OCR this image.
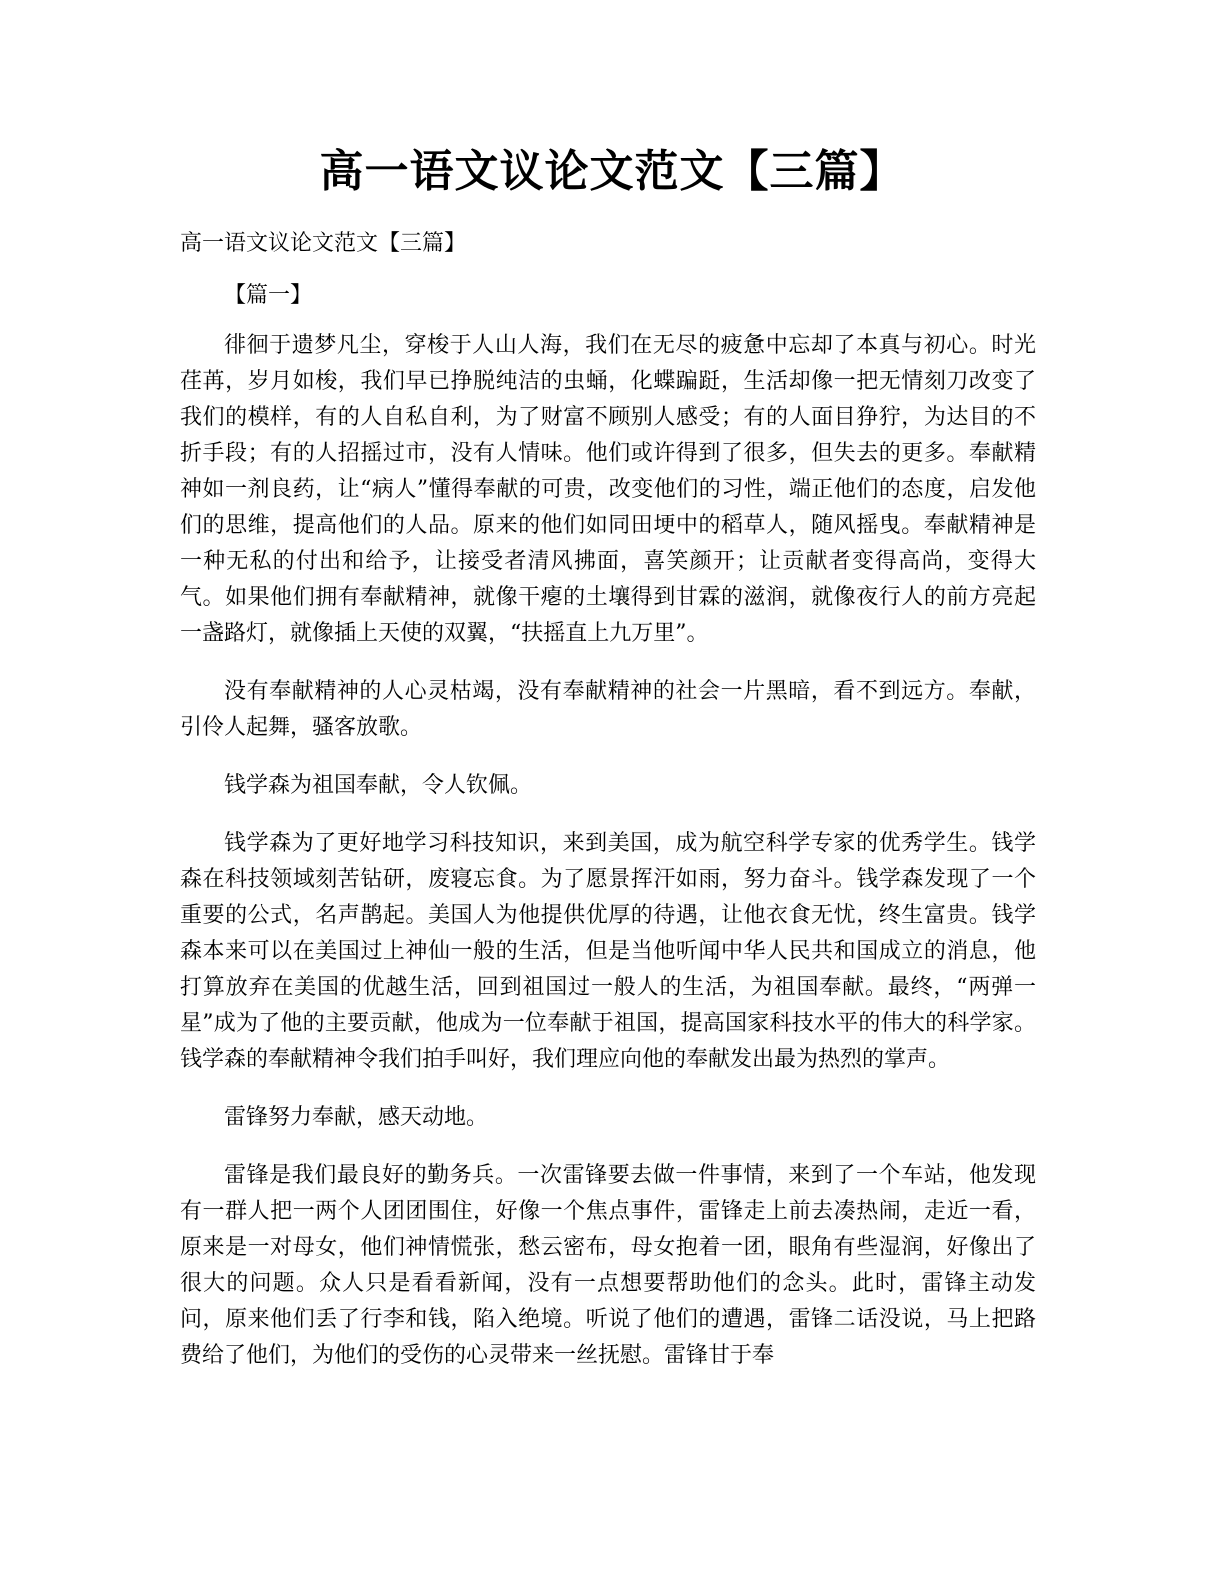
高一语文议论文范文【三篇】

高一语文议论文范文【三篇】

【篇一】

徘徊于遗梦凡尘，穿梭于人山人海，我们在无尽的疲惫中忘却了本真与初心。时光荏苒，岁月如梭，我们早已挣脱纯洁的虫蛹，化蝶蹁跹，生活却像一把无情刻刀改变了我们的模样，有的人自私自利，为了财富不顾别人感受；有的人面目狰狞，为达目的不折手段；有的人招摇过市，没有人情味。他们或许得到了很多，但失去的更多。奉献精神如一剂良药，让“病人”懂得奉献的可贵，改变他们的习性，端正他们的态度，启发他们的思维，提高他们的人品。原来的他们如同田埂中的稻草人，随风摇曳。奉献精神是一种无私的付出和给予，让接受者清风拂面，喜笑颜开；让贡献者变得高尚，变得大气。如果他们拥有奉献精神，就像干瘪的土壤得到甘霖的滋润，就像夜行人的前方亮起一盏路灯，就像插上天使的双翼，“扶摇直上九万里”。

没有奉献精神的人心灵枯竭，没有奉献精神的社会一片黑暗，看不到远方。奉献，引伶人起舞，骚客放歌。

钱学森为祖国奉献，令人钦佩。

钱学森为了更好地学习科技知识，来到美国，成为航空科学专家的优秀学生。钱学森在科技领域刻苦钻研，废寝忘食。为了愿景挥汗如雨，努力奋斗。钱学森发现了一个重要的公式，名声鹊起。美国人为他提供优厚的待遇，让他衣食无忧，终生富贵。钱学森本来可以在美国过上神仙一般的生活，但是当他听闻中华人民共和国成立的消息，他打算放弃在美国的优越生活，回到祖国过一般人的生活，为祖国奉献。最终，“两弹一星”成为了他的主要贡献，他成为一位奉献于祖国，提高国家科技水平的伟大的科学家。钱学森的奉献精神令我们拍手叫好，我们理应向他的奉献发出最为热烈的掌声。

雷锋努力奉献，感天动地。

雷锋是我们最良好的勤务兵。一次雷锋要去做一件事情，来到了一个车站，他发现有一群人把一两个人团团围住，好像一个焦点事件，雷锋走上前去凑热闹，走近一看，原来是一对母女，他们神情慌张，愁云密布，母女抱着一团，眼角有些湿润，好像出了很大的问题。众人只是看看新闻，没有一点想要帮助他们的念头。此时，雷锋主动发问，原来他们丢了行李和钱，陷入绝境。听说了他们的遭遇，雷锋二话没说，马上把路费给了他们，为他们的受伤的心灵带来一丝抚慰。雷锋甘于奉
